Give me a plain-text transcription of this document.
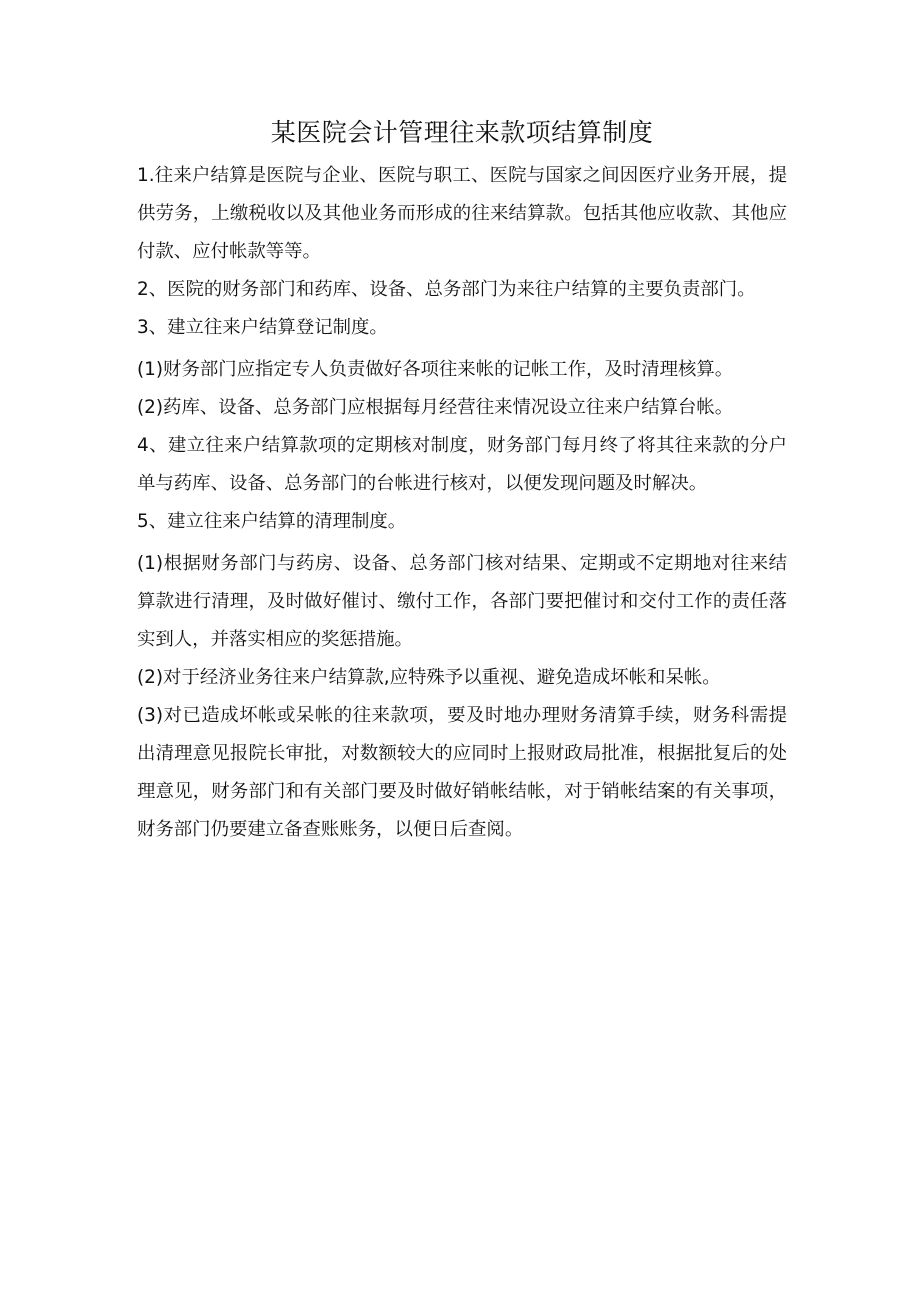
某医院会计管理往来款项结算制度

1.往来户结算是医院与企业、医院与职工、医院与国家之间因医疗业务开展，提供劳务，上缴税收以及其他业务而形成的往来结算款。包括其他应收款、其他应付款、应付帐款等等。

2、医院的财务部门和药库、设备、总务部门为来往户结算的主要负责部门。

3、建立往来户结算登记制度。

(1)财务部门应指定专人负责做好各项往来帐的记帐工作，及时清理核算。

(2)药库、设备、总务部门应根据每月经营往来情况设立往来户结算台帐。

4、建立往来户结算款项的定期核对制度，财务部门每月终了将其往来款的分户单与药库、设备、总务部门的台帐进行核对，以便发现问题及时解决。

5、建立往来户结算的清理制度。

(1)根据财务部门与药房、设备、总务部门核对结果、定期或不定期地对往来结算款进行清理，及时做好催讨、缴付工作，各部门要把催讨和交付工作的责任落实到人，并落实相应的奖惩措施。

(2)对于经济业务往来户结算款,应特殊予以重视、避免造成坏帐和呆帐。

(3)对已造成坏帐或呆帐的往来款项，要及时地办理财务清算手续，财务科需提出清理意见报院长审批，对数额较大的应同时上报财政局批准，根据批复后的处理意见，财务部门和有关部门要及时做好销帐结帐，对于销帐结案的有关事项，财务部门仍要建立备查账账务，以便日后查阅。
